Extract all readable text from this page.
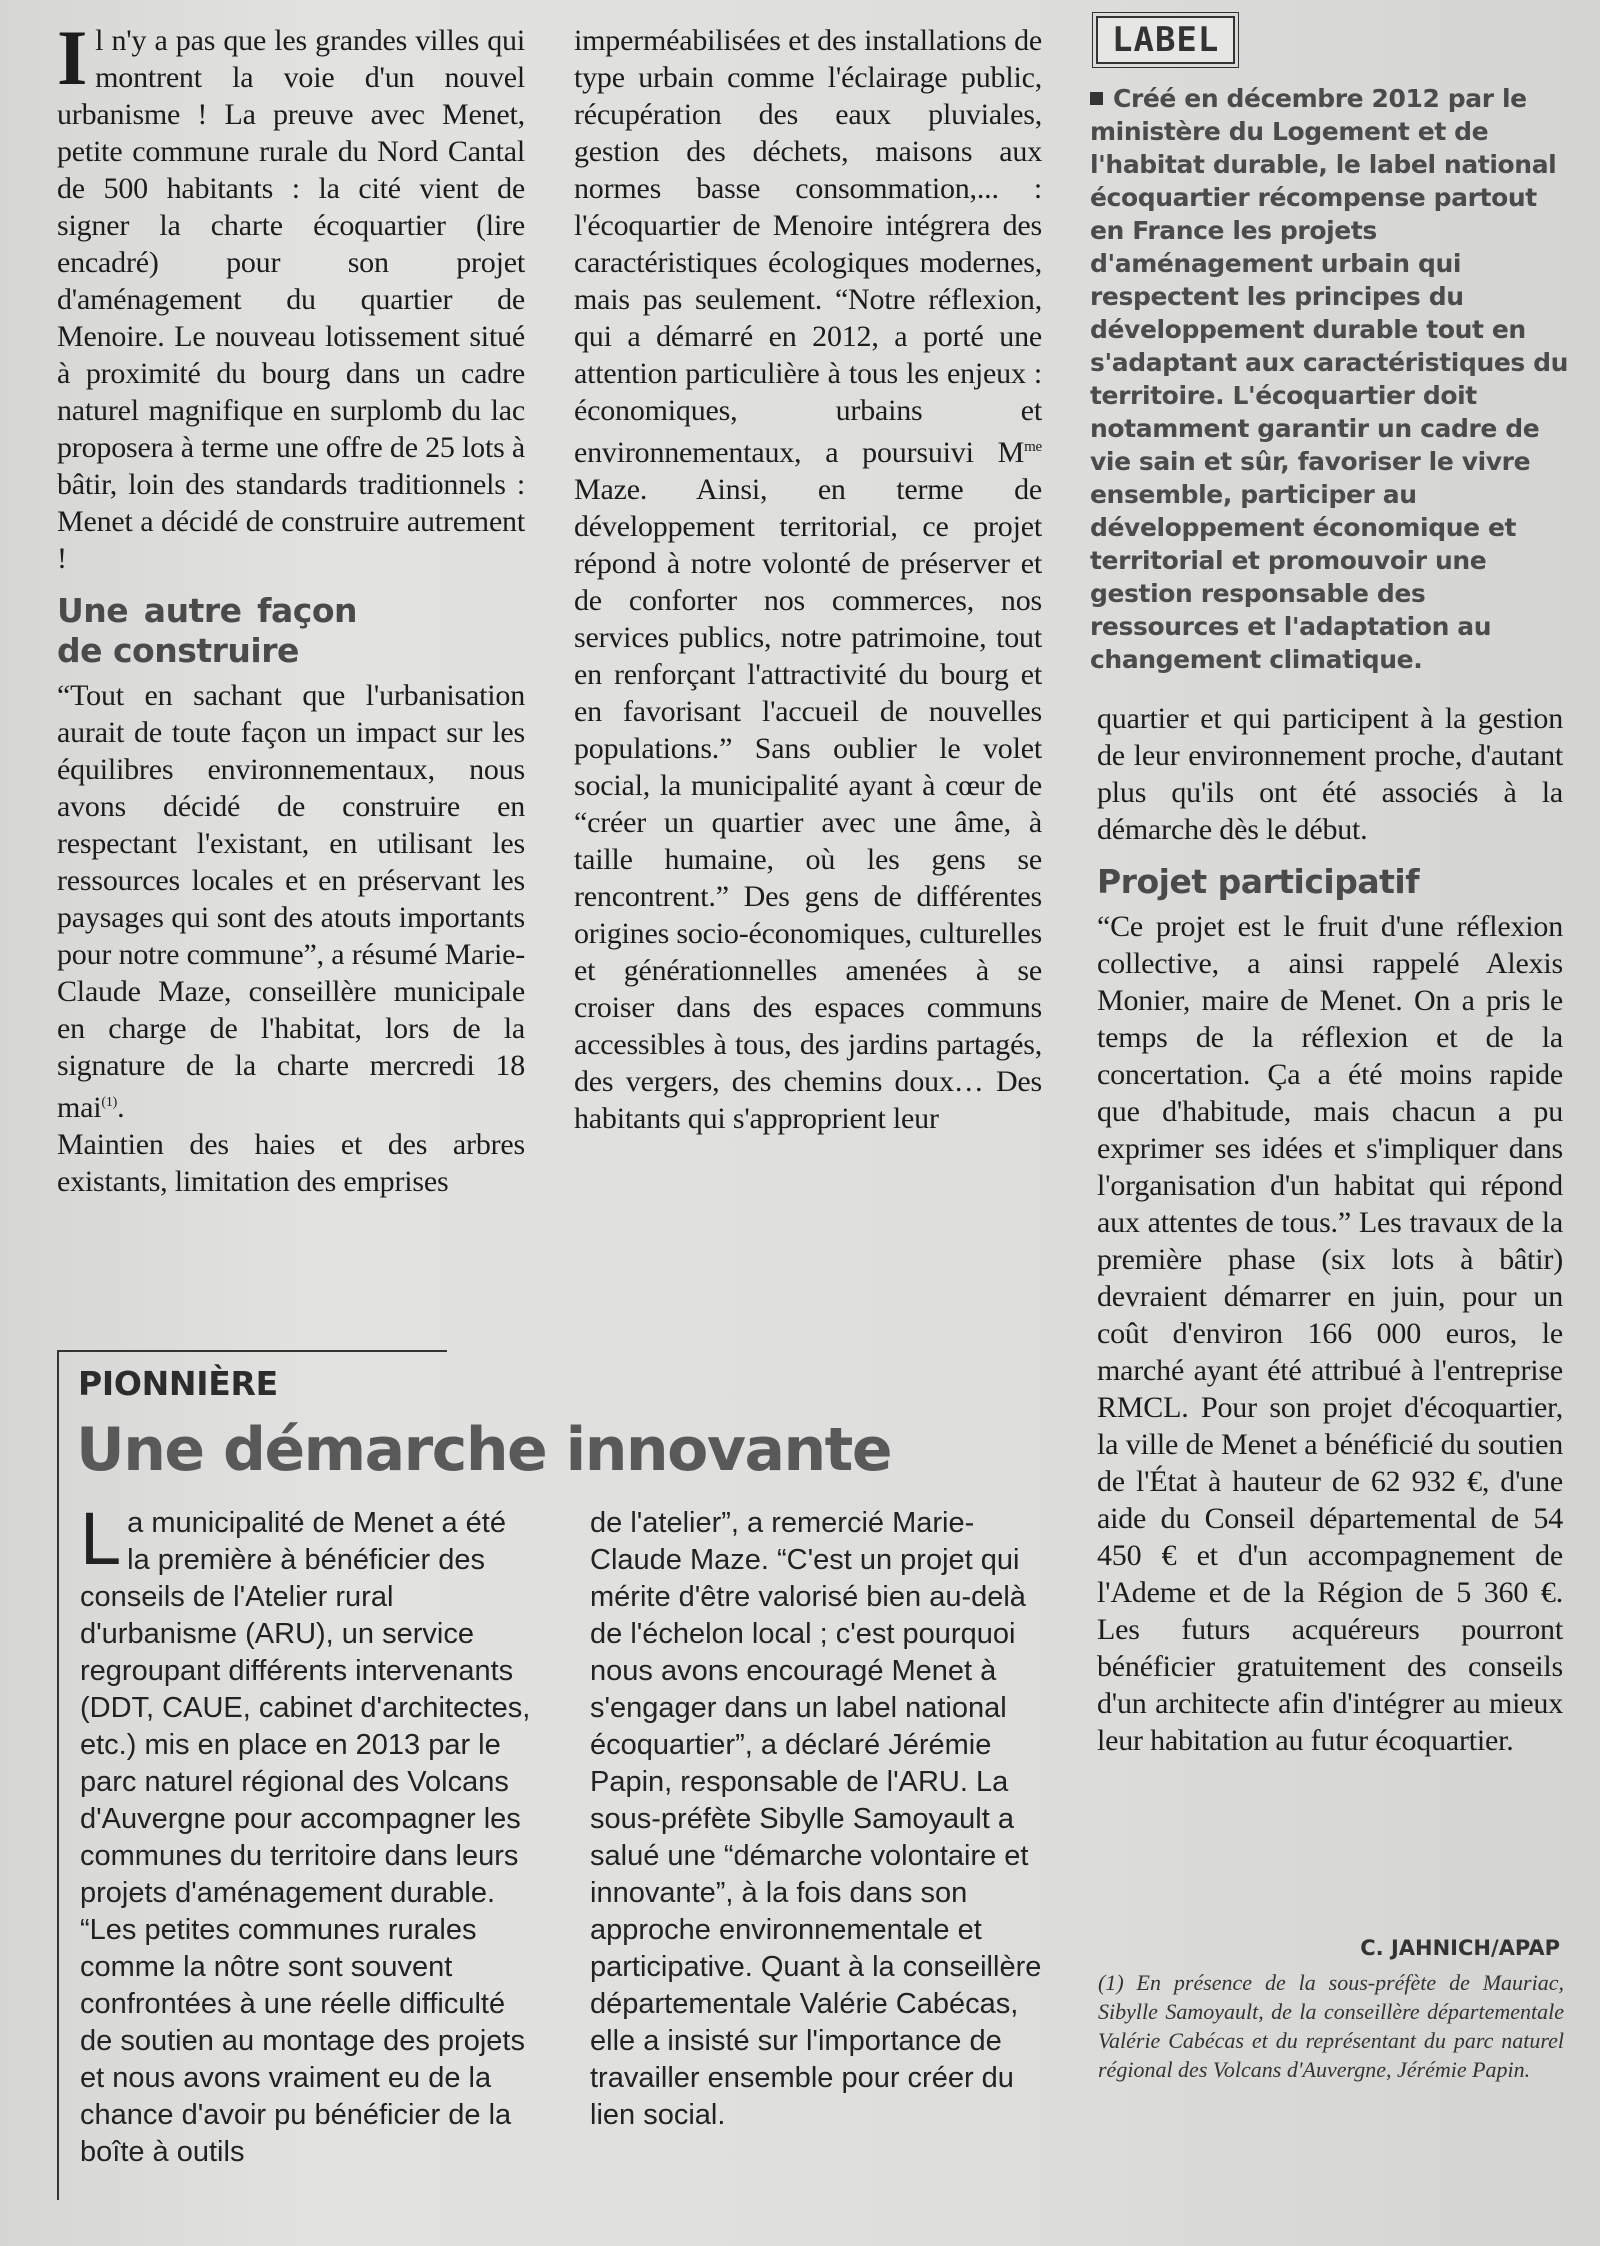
Il n'y a pas que les grandes villes qui montrent la voie d'un nouvel urbanisme ! La preuve avec Menet, petite commune rurale du Nord Cantal de 500 habitants : la cité vient de signer la charte écoquartier (lire encadré) pour son projet d'aménagement du quartier de Menoire. Le nouveau lotissement situé à proximité du bourg dans un cadre naturel magnifique en surplomb du lac proposera à terme une offre de 25 lots à bâtir, loin des standards traditionnels : Menet a décidé de construire autrement !

Une autre façon de construire

“Tout en sachant que l'urbanisation aurait de toute façon un impact sur les équilibres environnementaux, nous avons décidé de construire en respectant l'existant, en utilisant les ressources locales et en préservant les paysages qui sont des atouts importants pour notre commune”, a résumé Marie-Claude Maze, conseillère municipale en charge de l'habitat, lors de la signature de la charte mercredi 18 mai$^{(1)}$.

Maintien des haies et des arbres existants, limitation des emprises

imperméabilisées et des installations de type urbain comme l'éclairage public, récupération des eaux pluviales, gestion des déchets, maisons aux normes basse consommation,... : l'écoquartier de Menoire intégrera des caractéristiques écologiques modernes, mais pas seulement. “Notre réflexion, qui a démarré en 2012, a porté une attention particulière à tous les enjeux : économiques, urbains et environnementaux, a poursuivi $M^{me}$ Maze. Ainsi, en terme de développement territorial, ce projet répond à notre volonté de préserver et de conforter nos commerces, nos services publics, notre patrimoine, tout en renforçant l'attractivité du bourg et en favorisant l'accueil de nouvelles populations.” Sans oublier le volet social, la municipalité ayant à cœur de “créer un quartier avec une âme, à taille humaine, où les gens se rencontrent.” Des gens de différentes origines socio-économiques, culturelles et générationnelles amenées à se croiser dans des espaces communs accessibles à tous, des jardins partagés, des vergers, des chemins doux… Des habitants qui s'approprient leur

LABEL
Créé en décembre 2012 par le ministère du Logement et de l'habitat durable, le label national écoquartier récompense partout en France les projets d'aménagement urbain qui respectent les principes du développement durable tout en s'adaptant aux caractéristiques du territoire. L'écoquartier doit notamment garantir un cadre de vie sain et sûr, favoriser le vivre ensemble, participer au développement économique et territorial et promouvoir une gestion responsable des ressources et l'adaptation au changement climatique.

quartier et qui participent à la gestion de leur environnement proche, d'autant plus qu'ils ont été associés à la démarche dès le début.

Projet participatif

“Ce projet est le fruit d'une réflexion collective, a ainsi rappelé Alexis Monier, maire de Menet. On a pris le temps de la réflexion et de la concertation. Ça a été moins rapide que d'habitude, mais chacun a pu exprimer ses idées et s'impliquer dans l'organisation d'un habitat qui répond aux attentes de tous.” Les travaux de la première phase (six lots à bâtir) devraient démarrer en juin, pour un coût d'environ 166 000 euros, le marché ayant été attribué à l'entreprise RMCL. Pour son projet d'écoquartier, la ville de Menet a bénéficié du soutien de l'État à hauteur de 62 932 €, d'une aide du Conseil départemental de 54 450 € et d'un accompagnement de l'Ademe et de la Région de 5 360 €. Les futurs acquéreurs pourront bénéficier gratuitement des conseils d'un architecte afin d'intégrer au mieux leur habitation au futur écoquartier.

C. JAHNICH/APAP
(1) En présence de la sous-préfète de Mauriac, Sibylle Samoyault, de la conseillère départementale Valérie Cabécas et du représentant du parc naturel régional des Volcans d'Auvergne, Jérémie Papin.
PIONNIÈRE
Une démarche innovante

La municipalité de Menet a été la première à bénéficier des conseils de l'Atelier rural d'urbanisme (ARU), un service regroupant différents intervenants (DDT, CAUE, cabinet d'architectes, etc.) mis en place en 2013 par le parc naturel régional des Volcans d'Auvergne pour accompagner les communes du territoire dans leurs projets d'aménagement durable.

“Les petites communes rurales comme la nôtre sont souvent confrontées à une réelle difficulté de soutien au montage des projets et nous avons vraiment eu de la chance d'avoir pu bénéficier de la boîte à outils

de l'atelier”, a remercié Marie-Claude Maze. “C'est un projet qui mérite d'être valorisé bien au-delà de l'échelon local ; c'est pourquoi nous avons encouragé Menet à s'engager dans un label national écoquartier”, a déclaré Jérémie Papin, responsable de l'ARU. La sous-préfète Sibylle Samoyault a salué une “démarche volontaire et innovante”, à la fois dans son approche environnementale et participative. Quant à la conseillère départementale Valérie Cabécas, elle a insisté sur l'importance de travailler ensemble pour créer du lien social.
